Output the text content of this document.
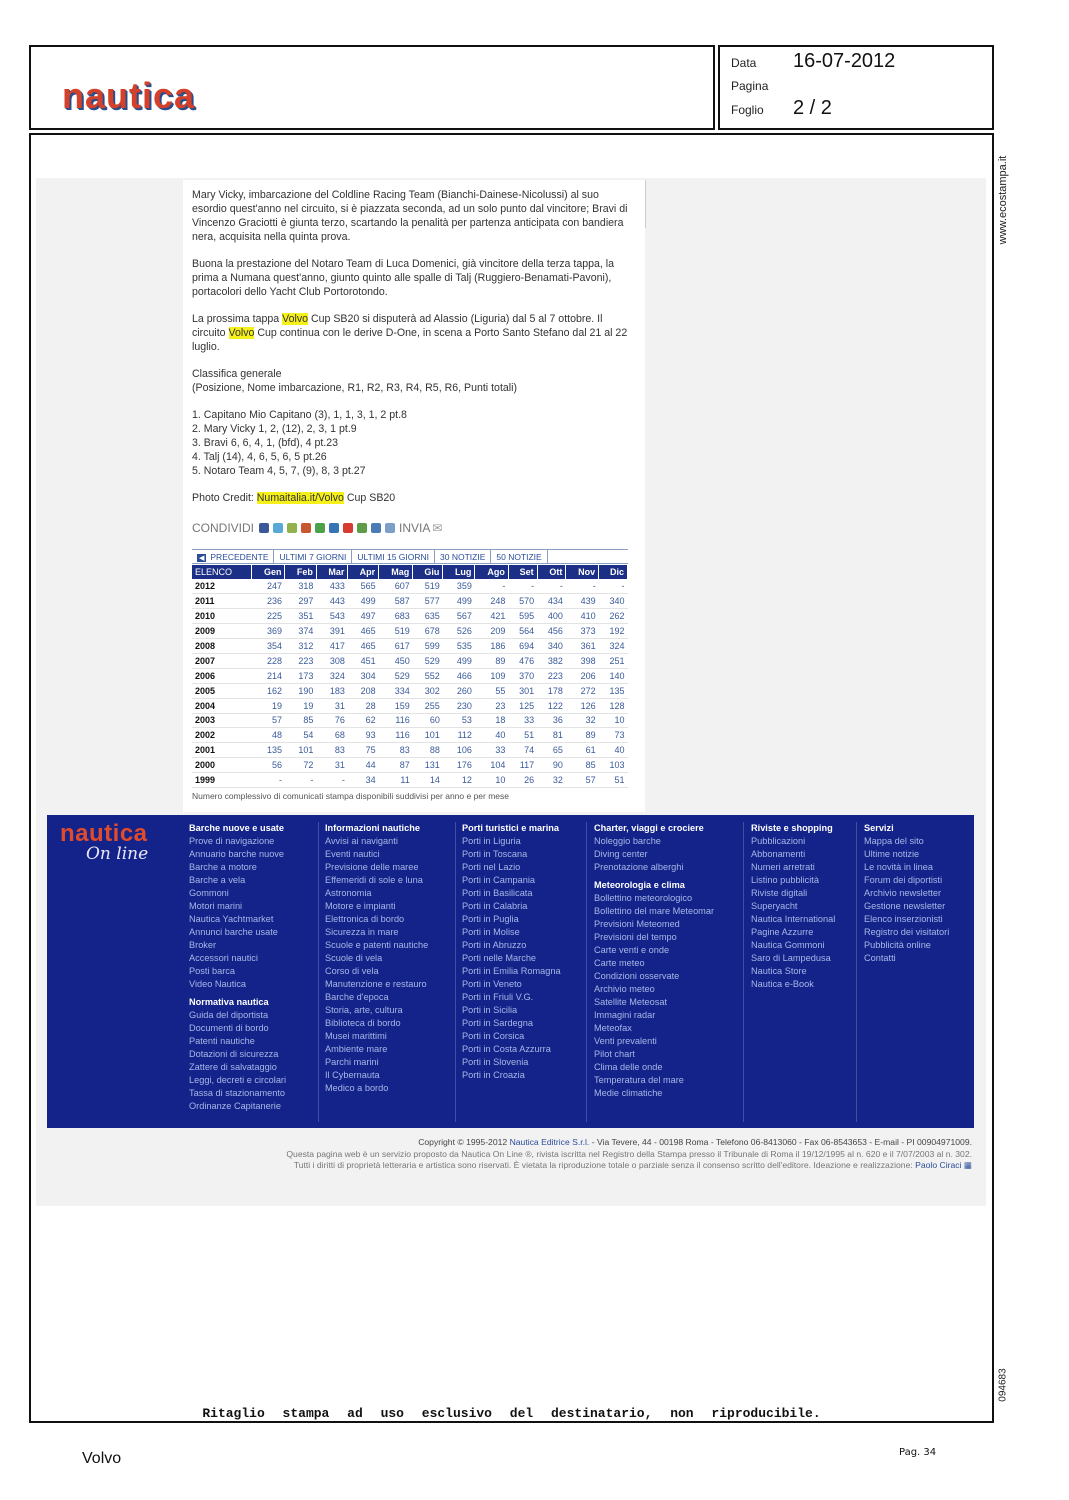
nautica
Data 16-07-2012
Pagina
Foglio 2 / 2
www.ecostampa.it
094683

Mary Vicky, imbarcazione del Coldline Racing Team (Bianchi-Dainese-Nicolussi) al suo esordio quest'anno nel circuito, si è piazzata seconda, ad un solo punto dal vincitore; Bravi di Vincenzo Graciotti è giunta terzo, scartando la penalità per partenza anticipata con bandiera nera, acquisita nella quinta prova.

Buona la prestazione del Notaro Team di Luca Domenici, già vincitore della terza tappa, la prima a Numana quest'anno, giunto quinto alle spalle di Talj (Ruggiero-Benamati-Pavoni), portacolori dello Yacht Club Portorotondo.

La prossima tappa Volvo Cup SB20 si disputerà ad Alassio (Liguria) dal 5 al 7 ottobre. Il circuito Volvo Cup continua con le derive D-One, in scena a Porto Santo Stefano dal 21 al 22 luglio.

Classifica generale
(Posizione, Nome imbarcazione, R1, R2, R3, R4, R5, R6, Punti totali)

1. Capitano Mio Capitano (3), 1, 1, 3, 1, 2 pt.8
2. Mary Vicky 1, 2, (12), 2, 3, 1 pt.9
3. Bravi 6, 6, 4, 1, (bfd), 4 pt.23
4. Talj (14), 4, 6, 5, 6, 5 pt.26
5. Notaro Team 4, 5, 7, (9), 8, 3 pt.27

Photo Credit: Numaitalia.it/Volvo Cup SB20

CONDIVIDI	INVIA ✉
◀ PRECEDENTE	ULTIMI 7 GIORNI	ULTIMI 15 GIORNI	30 NOTIZIE	50 NOTIZIE
ELENCO	Gen	Feb	Mar	Apr	Mag	Giu	Lug	Ago	Set	Ott	Nov	Dic
2012	247	318	433	565	607	519	359	-	-	-	-	-
2011	236	297	443	499	587	577	499	248	570	434	439	340
2010	225	351	543	497	683	635	567	421	595	400	410	262
2009	369	374	391	465	519	678	526	209	564	456	373	192
2008	354	312	417	465	617	599	535	186	694	340	361	324
2007	228	223	308	451	450	529	499	89	476	382	398	251
2006	214	173	324	304	529	552	466	109	370	223	206	140
2005	162	190	183	208	334	302	260	55	301	178	272	135
2004	19	19	31	28	159	255	230	23	125	122	126	128
2003	57	85	76	62	116	60	53	18	33	36	32	10
2002	48	54	68	93	116	101	112	40	51	81	89	73
2001	135	101	83	75	83	88	106	33	74	65	61	40
2000	56	72	31	44	87	131	176	104	117	90	85	103
1999	-	-	-	34	11	14	12	10	26	32	57	51
Numero complessivo di comunicati stampa disponibili suddivisi per anno e per mese
nautica
On line
Barche nuove e usate
Prove di navigazione
Annuario barche nuove
Barche a motore
Barche a vela
Gommoni
Motori marini
Nautica Yachtmarket
Annunci barche usate
Broker
Accessori nautici
Posti barca
Video Nautica
Normativa nautica
Guida del diportista
Documenti di bordo
Patenti nautiche
Dotazioni di sicurezza
Zattere di salvataggio
Leggi, decreti e circolari
Tassa di stazionamento
Ordinanze Capitanerie
Informazioni nautiche
Avvisi ai naviganti
Eventi nautici
Previsione delle maree
Effemeridi di sole e luna
Astronomia
Motore e impianti
Elettronica di bordo
Sicurezza in mare
Scuole e patenti nautiche
Scuole di vela
Corso di vela
Manutenzione e restauro
Barche d'epoca
Storia, arte, cultura
Biblioteca di bordo
Musei marittimi
Ambiente mare
Parchi marini
Il Cybernauta
Medico a bordo
Porti turistici e marina
Porti in Liguria
Porti in Toscana
Porti nel Lazio
Porti in Campania
Porti in Basilicata
Porti in Calabria
Porti in Puglia
Porti in Molise
Porti in Abruzzo
Porti nelle Marche
Porti in Emilia Romagna
Porti in Veneto
Porti in Friuli V.G.
Porti in Sicilia
Porti in Sardegna
Porti in Corsica
Porti in Costa Azzurra
Porti in Slovenia
Porti in Croazia
Charter, viaggi e crociere
Noleggio barche
Diving center
Prenotazione alberghi
Meteorologia e clima
Bollettino meteorologico
Bollettino del mare Meteomar
Previsioni Meteomed
Previsioni del tempo
Carte venti e onde
Carte meteo
Condizioni osservate
Archivio meteo
Satellite Meteosat
Immagini radar
Meteofax
Venti prevalenti
Pilot chart
Clima delle onde
Temperatura del mare
Medie climatiche
Riviste e shopping
Pubblicazioni
Abbonamenti
Numeri arretrati
Listino pubblicità
Riviste digitali
Superyacht
Nautica International
Pagine Azzurre
Nautica Gommoni
Saro di Lampedusa
Nautica Store
Nautica e-Book
Servizi
Mappa del sito
Ultime notizie
Le novità in linea
Forum dei diportisti
Archivio newsletter
Gestione newsletter
Elenco inserzionisti
Registro dei visitatori
Pubblicità online
Contatti
Copyright © 1995-2012 Nautica Editrice S.r.l. - Via Tevere, 44 - 00198 Roma - Telefono 06-8413060 - Fax 06-8543653 - E-mail - PI 00904971009.
Questa pagina web è un servizio proposto da Nautica On Line ®, rivista iscritta nel Registro della Stampa presso il Tribunale di Roma il 19/12/1995 al n. 620 e il 7/07/2003 al n. 302.
Tutti i diritti di proprietà letteraria e artistica sono riservati. È vietata la riproduzione totale o parziale senza il consenso scritto dell'editore. Ideazione e realizzazione: Paolo Ciraci ▦
Ritaglio stampa ad uso esclusivo del destinatario, non riproducibile.
Volvo	Pag. 34
